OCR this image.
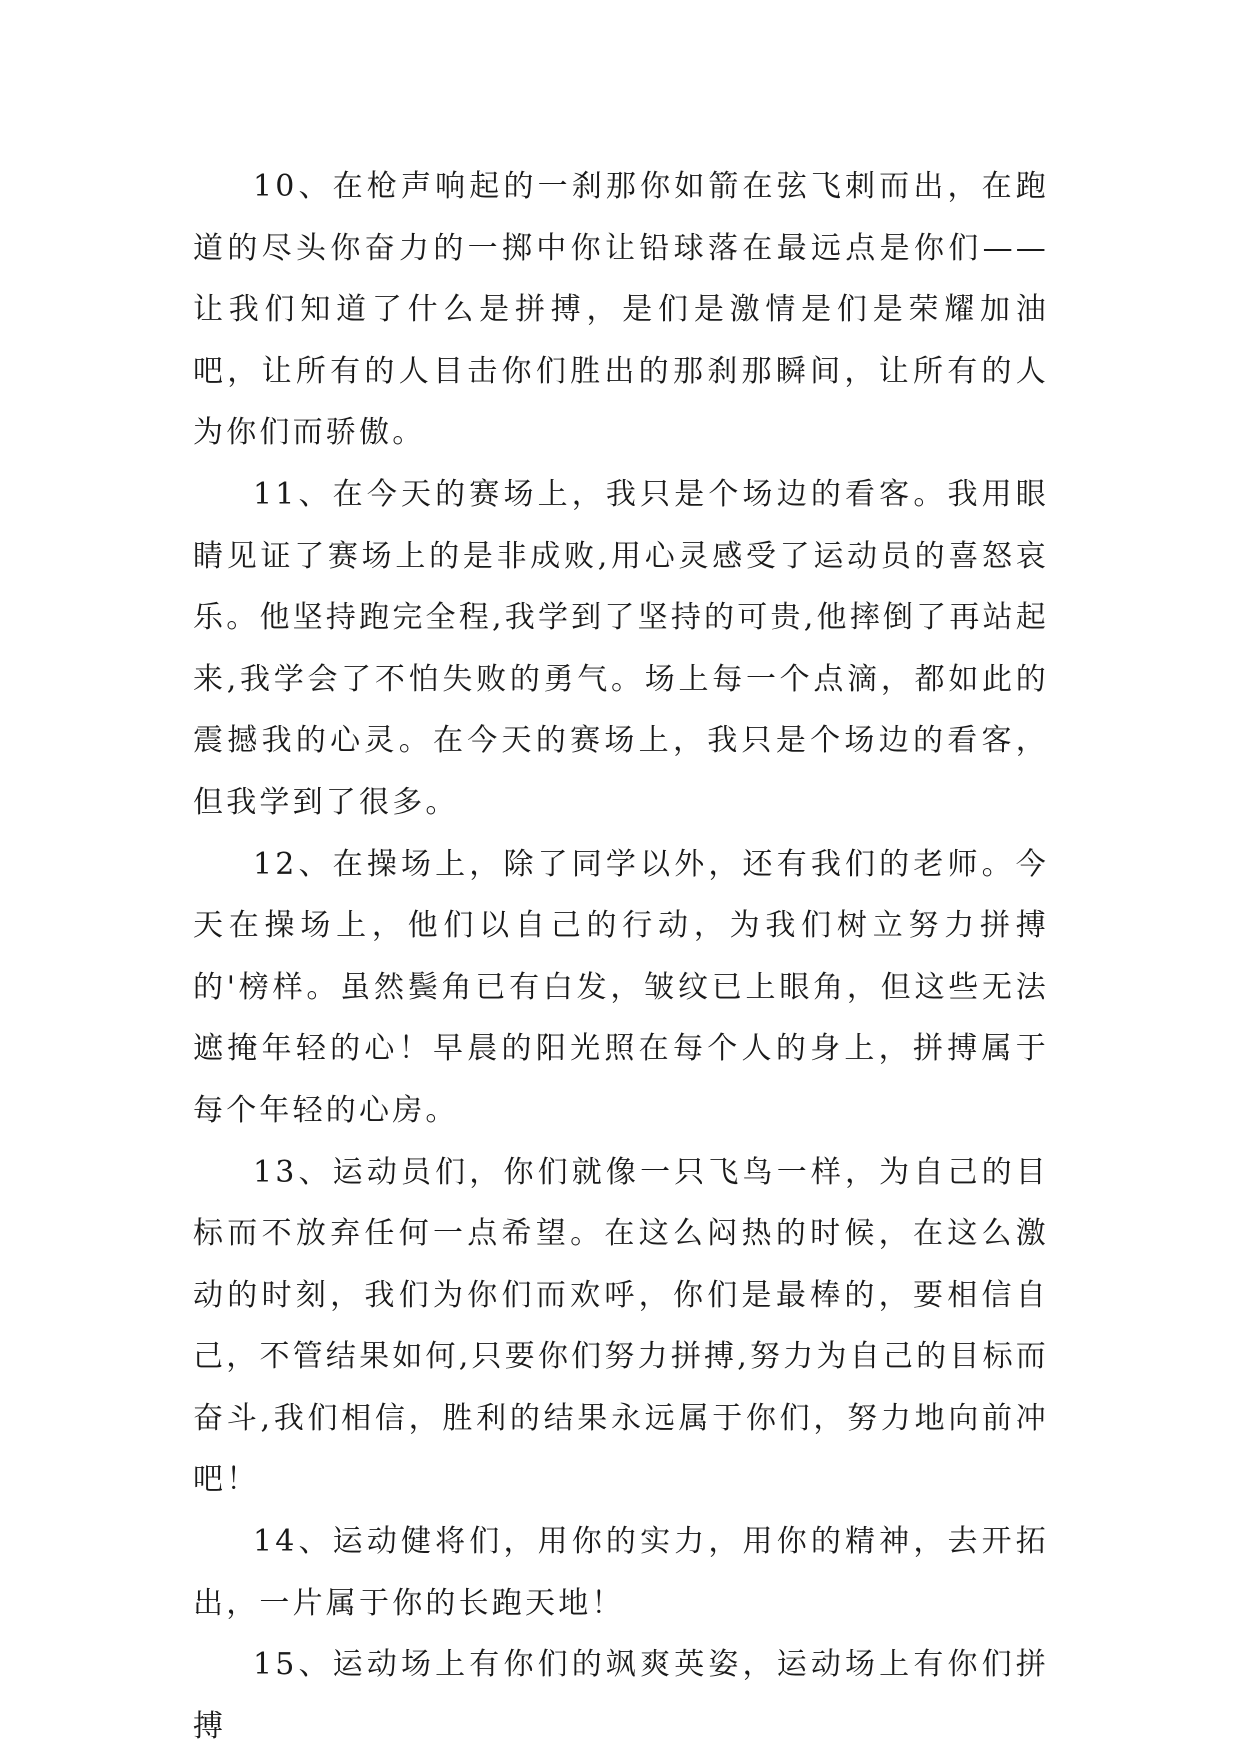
10、在枪声响起的一刹那你如箭在弦飞刺而出，在跑道的尽头你奋力的一掷中你让铅球落在最远点是你们——让我们知道了什么是拼搏，是们是激情是们是荣耀加油吧，让所有的人目击你们胜出的那刹那瞬间，让所有的人为你们而骄傲。

11、在今天的赛场上，我只是个场边的看客。我用眼睛见证了赛场上的是非成败,用心灵感受了运动员的喜怒哀乐。他坚持跑完全程,我学到了坚持的可贵,他摔倒了再站起来,我学会了不怕失败的勇气。场上每一个点滴，都如此的震撼我的心灵。在今天的赛场上，我只是个场边的看客，但我学到了很多。

12、在操场上，除了同学以外，还有我们的老师。今天在操场上，他们以自己的行动，为我们树立努力拼搏的'榜样。虽然鬓角已有白发，皱纹已上眼角，但这些无法遮掩年轻的心！早晨的阳光照在每个人的身上，拼搏属于每个年轻的心房。

13、运动员们，你们就像一只飞鸟一样，为自己的目标而不放弃任何一点希望。在这么闷热的时候，在这么激动的时刻，我们为你们而欢呼，你们是最棒的，要相信自己，不管结果如何,只要你们努力拼搏,努力为自己的目标而奋斗,我们相信，胜利的结果永远属于你们，努力地向前冲吧！

14、运动健将们，用你的实力，用你的精神，去开拓出，一片属于你的长跑天地！

15、运动场上有你们的飒爽英姿，运动场上有你们拼搏
